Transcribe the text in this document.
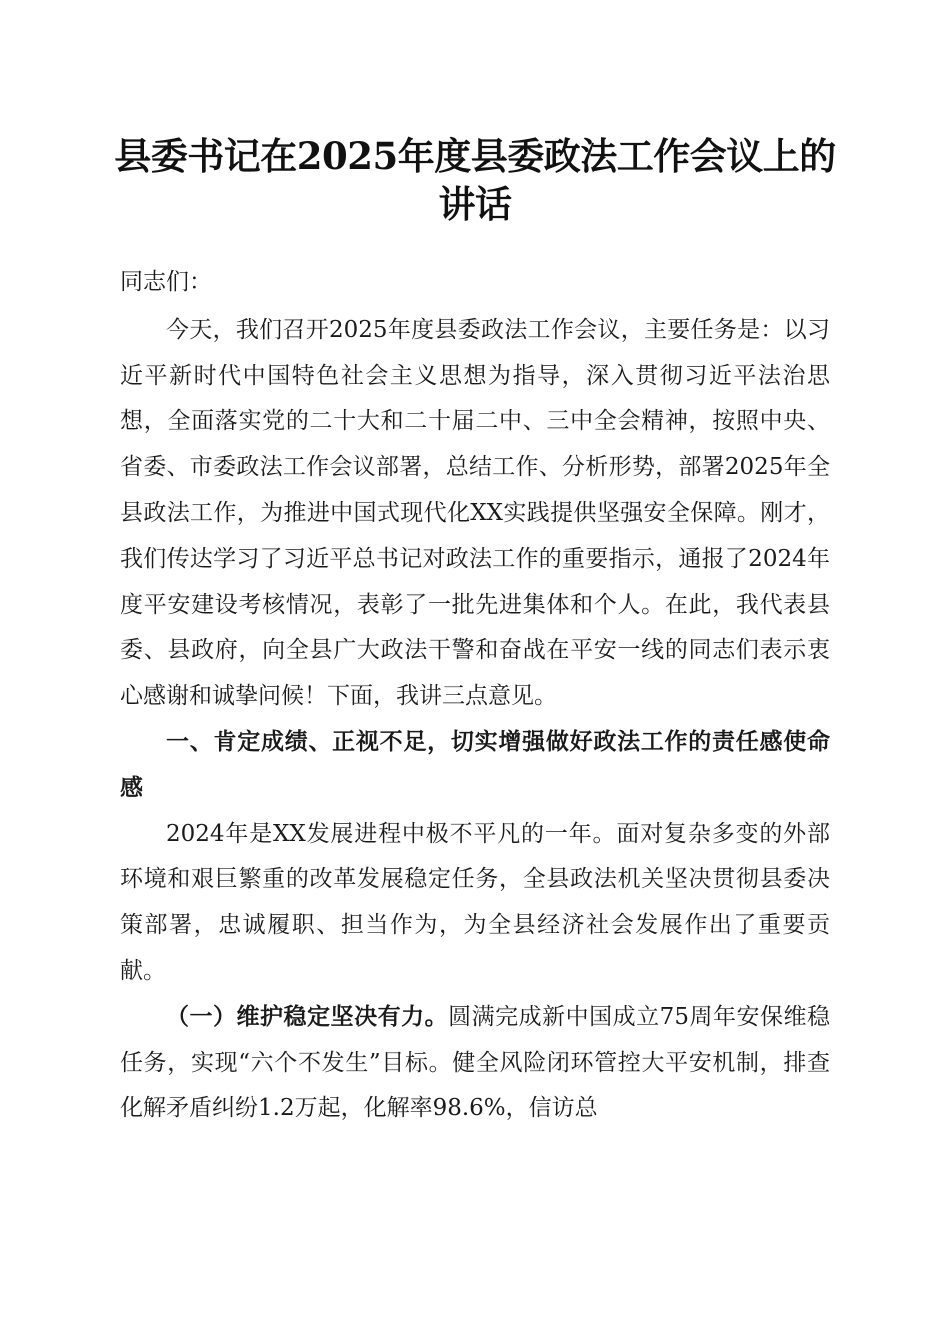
县委书记在2025年度县委政法工作会议上的
讲话

同志们：

今天，我们召开2025年度县委政法工作会议，主要任务是：以习近平新时代中国特色社会主义思想为指导，深入贯彻习近平法治思想，全面落实党的二十大和二十届二中、三中全会精神，按照中央、省委、市委政法工作会议部署，总结工作、分析形势，部署2025年全县政法工作，为推进中国式现代化XX实践提供坚强安全保障。刚才，我们传达学习了习近平总书记对政法工作的重要指示，通报了2024年度平安建设考核情况，表彰了一批先进集体和个人。在此，我代表县委、县政府，向全县广大政法干警和奋战在平安一线的同志们表示衷心感谢和诚挚问候！下面，我讲三点意见。

一、肯定成绩、正视不足，切实增强做好政法工作的责任感使命感

2024年是XX发展进程中极不平凡的一年。面对复杂多变的外部环境和艰巨繁重的改革发展稳定任务，全县政法机关坚决贯彻县委决策部署，忠诚履职、担当作为，为全县经济社会发展作出了重要贡献。

（一）维护稳定坚决有力。圆满完成新中国成立75周年安保维稳任务，实现“六个不发生”目标。健全风险闭环管控大平安机制，排查化解矛盾纠纷1.2万起，化解率98.6%，信访总
